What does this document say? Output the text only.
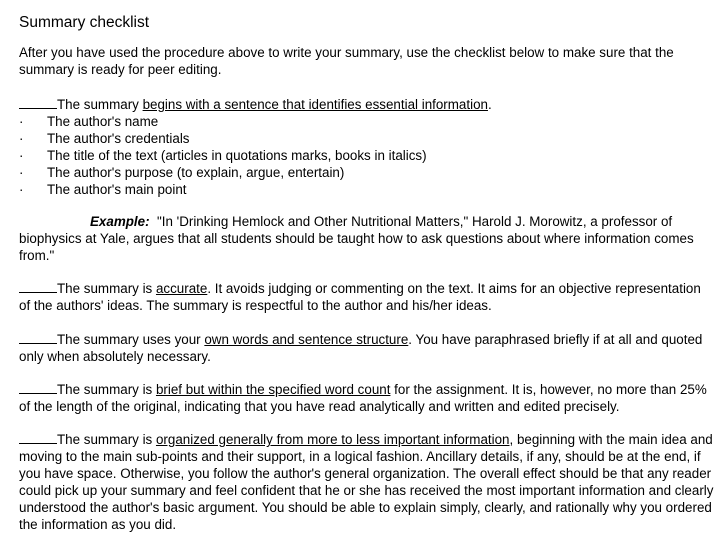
Summary checklist

After you have used the procedure above to write your summary, use the checklist below to make sure that the summary is ready for peer editing.

The summary begins with a sentence that identifies essential information.

·	The author's name
·	The author's credentials
·	The title of the text (articles in quotations marks, books in italics)
·	The author's purpose (to explain, argue, entertain)
·	The author's main point

Example: "In 'Drinking Hemlock and Other Nutritional Matters," Harold J. Morowitz, a professor of biophysics at Yale, argues that all students should be taught how to ask questions about where information comes from."

The summary is accurate. It avoids judging or commenting on the text. It aims for an objective representation of the authors' ideas. The summary is respectful to the author and his/her ideas.

The summary uses your own words and sentence structure. You have paraphrased briefly if at all and quoted only when absolutely necessary.

The summary is brief but within the specified word count for the assignment. It is, however, no more than 25% of the length of the original, indicating that you have read analytically and written and edited precisely.

The summary is organized generally from more to less important information, beginning with the main idea and moving to the main sub-points and their support, in a logical fashion. Ancillary details, if any, should be at the end, if you have space. Otherwise, you follow the author's general organization. The overall effect should be that any reader could pick up your summary and feel confident that he or she has received the most important information and clearly understood the author's basic argument. You should be able to explain simply, clearly, and rationally why you ordered the information as you did.
